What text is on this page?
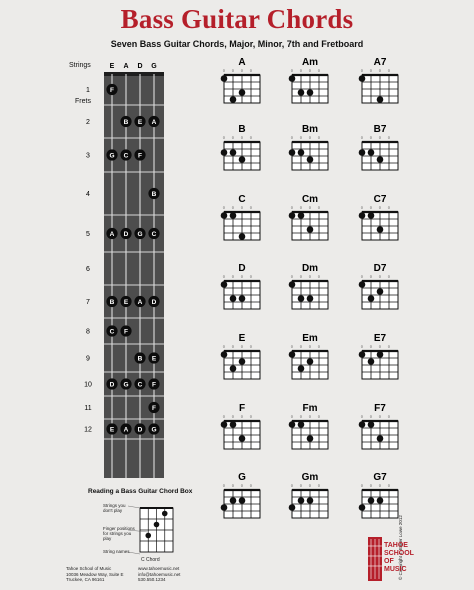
Bass Guitar Chords
Seven Bass Guitar Chords, Major, Minor, 7th and Fretboard
Strings
Frets
E A D G
1
2
3
4
5
6
7
8
9
10
11
12
F
B E A
G C F
B
A D G C
B E A D
C F
B E
D G C F
F
E A D G
A
○ ○ ○ ○
Am
○ ○ ○ ○
A7
○ ○ ○ ○
B
○ ○ ○ ○
Bm
○ ○ ○ ○
B7
○ ○ ○ ○
C
○ ○ ○ ○
Cm
○ ○ ○ ○
C7
○ ○ ○ ○
D
○ ○ ○ ○
Dm
○ ○ ○ ○
D7
○ ○ ○ ○
E
○ ○ ○ ○
Em
○ ○ ○ ○
E7
○ ○ ○ ○
F
○ ○ ○ ○
Fm
○ ○ ○ ○
F7
○ ○ ○ ○
G
○ ○ ○ ○
Gm
○ ○ ○ ○
G7
○ ○ ○ ○
Reading a Bass Guitar Chord Box
Strings you don't play
Finger positions for strings you play
String names
C Chord
Tahoe School of Music
10036 Meadow Way, Suite E
Truckee, CA 96161
www.tahoemusic.net
info@tahoemusic.net
530.550.1234	© Copyright J. Baker Lowe 2012
TAHOE
SCHOOL
OF
MUSIC
